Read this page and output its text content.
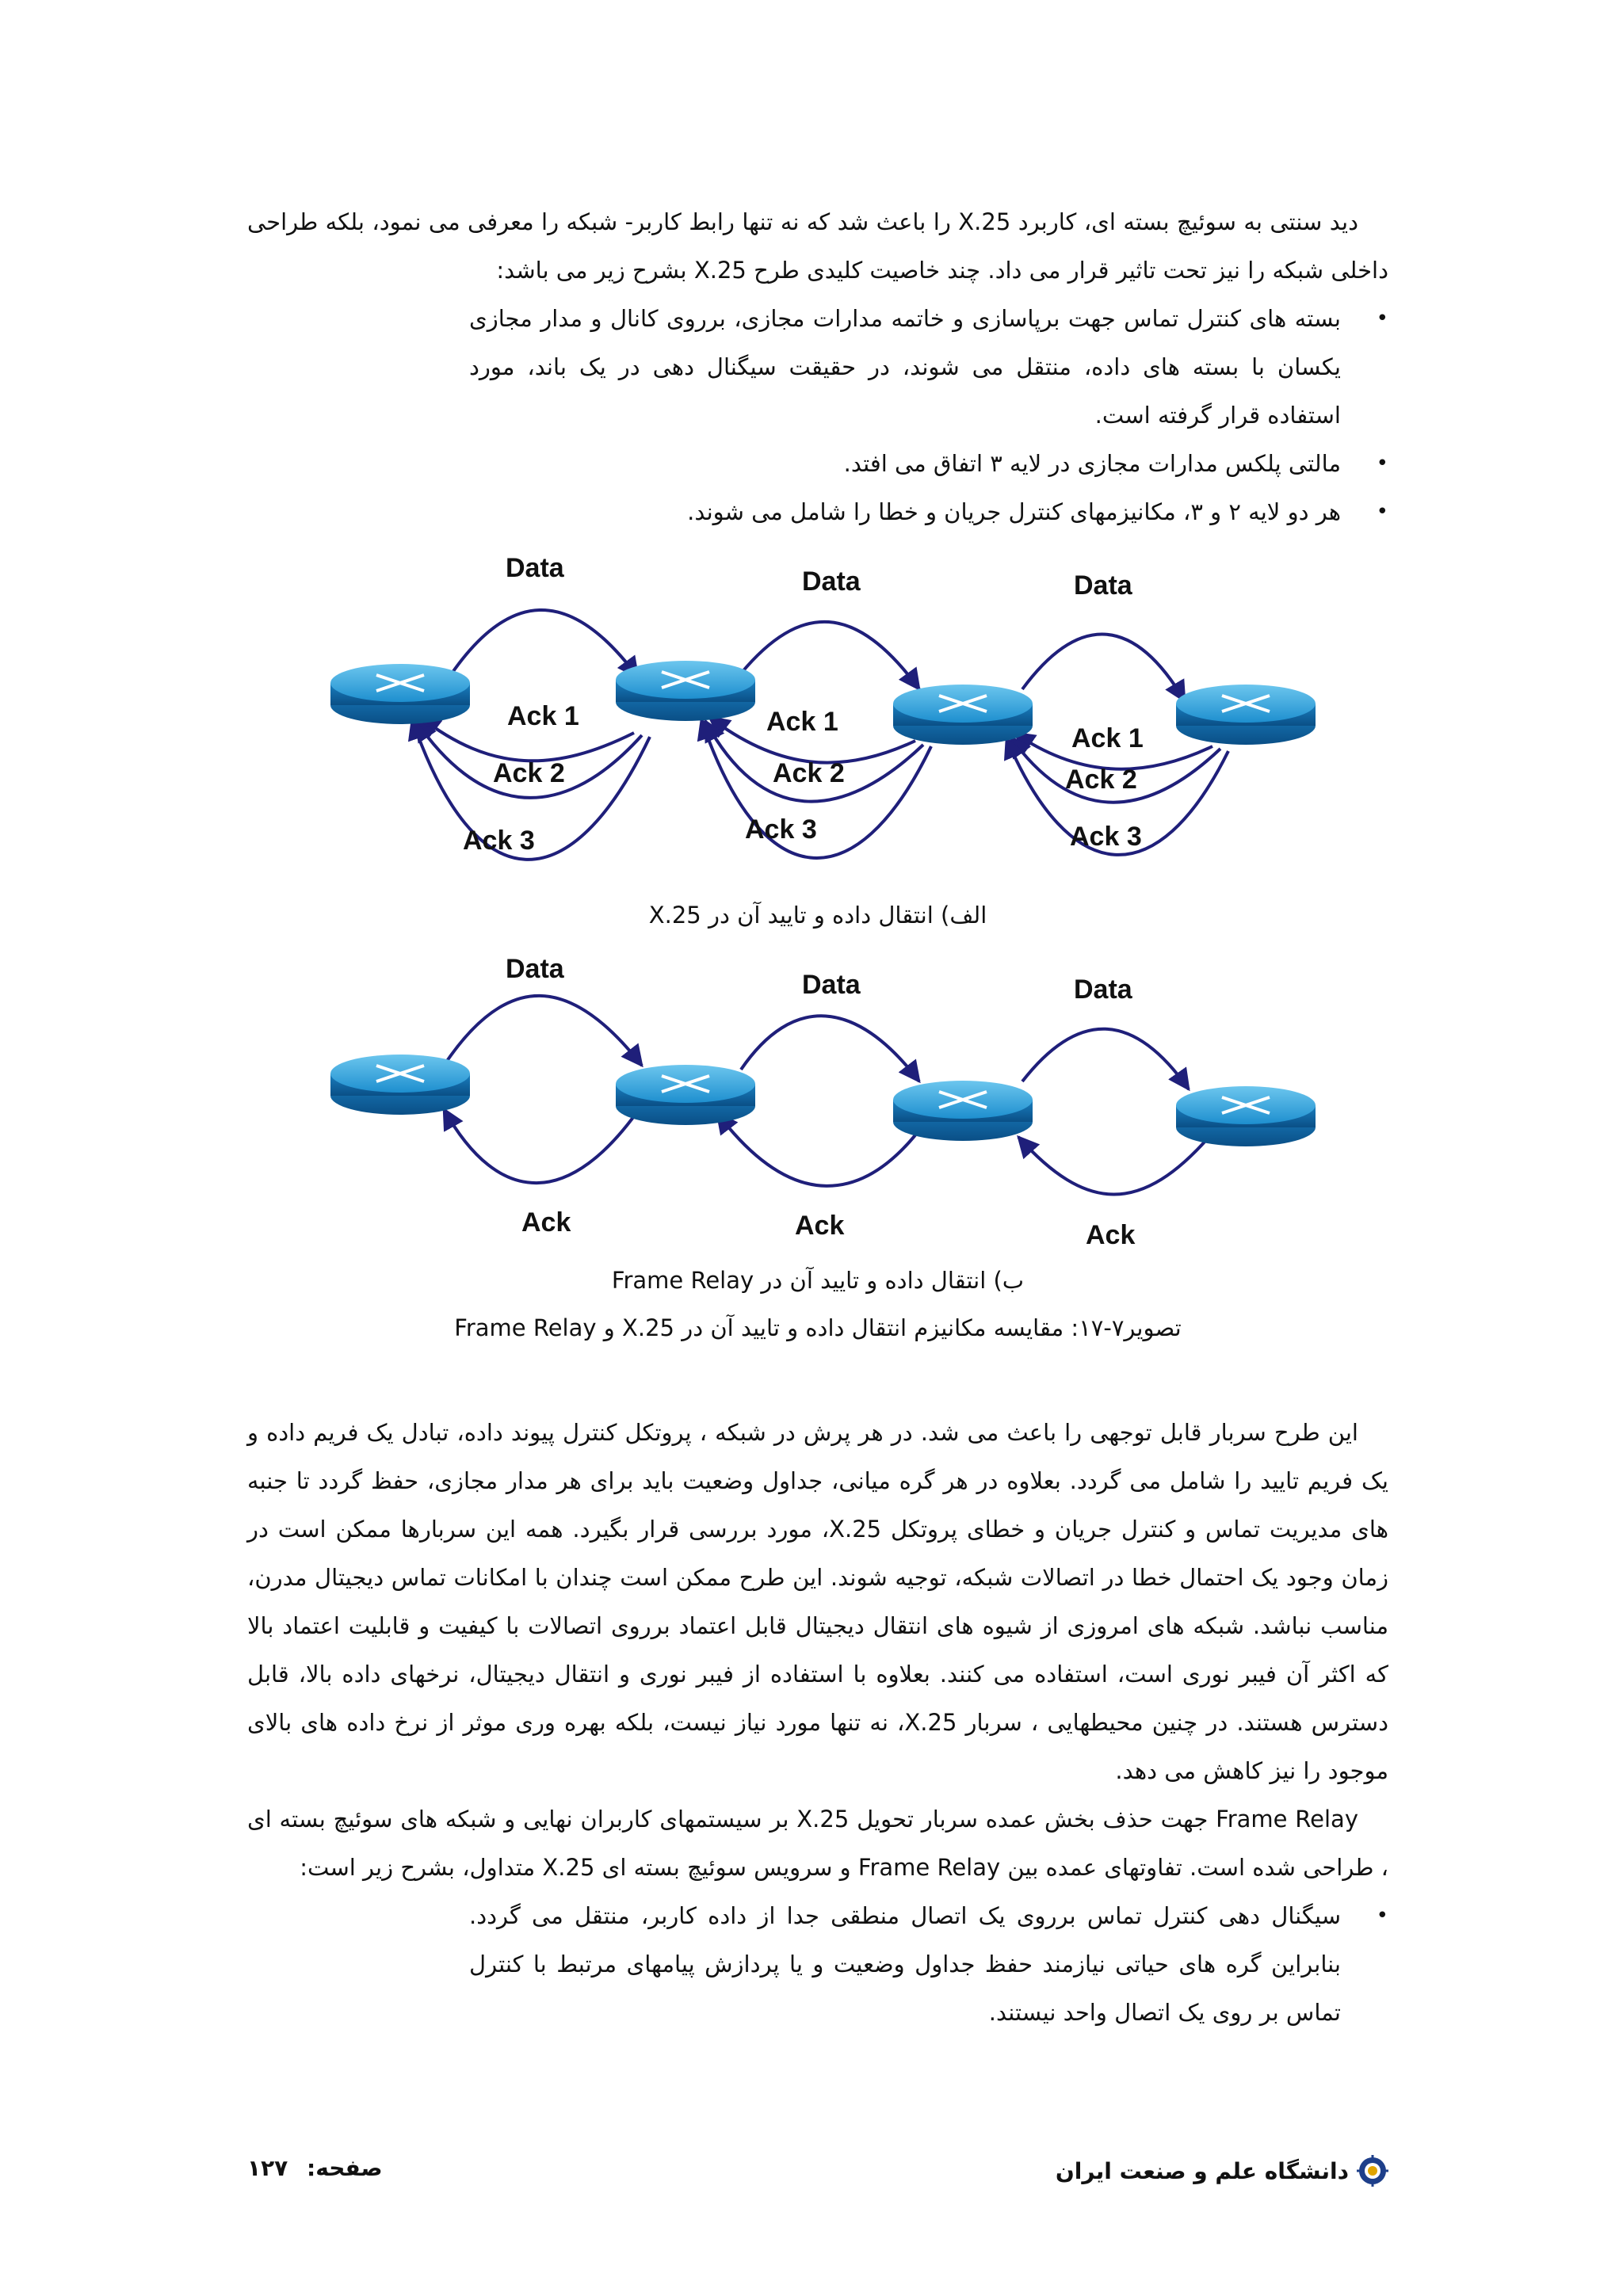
دید سنتی به سوئیچ بسته ای، کاربرد X.25 را باعث شد که نه تنها رابط کاربر- شبکه را معرفی می نمود، بلکه طراحی داخلی شبکه را نیز تحت تاثیر قرار می داد. چند خاصیت کلیدی طرح X.25 بشرح زیر می باشد:

• بسته های کنترل تماس جهت برپاسازی و خاتمه مدارات مجازی، برروی کانال و مدار مجازی یکسان با بسته های داده، منتقل می شوند، در حقیقت سیگنال دهی در یک باند، مورد استفاده قرار گرفته است.
• مالتی پلکس مدارات مجازی در لایه ۳ اتفاق می افتد.
• هر دو لایه ۲ و ۳، مکانیزمهای کنترل جریان و خطا را شامل می شوند.
Data	Data	Data
Ack 1
Ack 2
Ack 3
Ack 1
Ack 2
Ack 3
Ack 1
Ack 2
Ack 3
الف) انتقال داده و تایید آن در X.25
Data
Data	Data
Ack	Ack	Ack
ب) انتقال داده و تایید آن در Frame Relay
تصویر۷-۱۷: مقایسه مکانیزم انتقال داده و تایید آن در X.25 و Frame Relay

این طرح سربار قابل توجهی را باعث می شد. در هر پرش در شبکه ، پروتکل کنترل پیوند داده، تبادل یک فریم داده و یک فریم تایید را شامل می گردد. بعلاوه در هر گره میانی، جداول وضعیت باید برای هر مدار مجازی، حفظ گردد تا جنبه های مدیریت تماس و کنترل جریان و خطای پروتکل X.25، مورد بررسی قرار بگیرد. همه این سربارها ممکن است در زمان وجود یک احتمال خطا در اتصالات شبکه، توجیه شوند. این طرح ممکن است چندان با امکانات تماس دیجیتال مدرن، مناسب نباشد. شبکه های امروزی از شیوه های انتقال دیجیتال قابل اعتماد برروی اتصالات با کیفیت و قابلیت اعتماد بالا که اکثر آن فیبر نوری است، استفاده می کنند. بعلاوه با استفاده از فیبر نوری و انتقال دیجیتال، نرخهای داده بالا، قابل دسترس هستند. در چنین محیطهایی ، سربار X.25، نه تنها مورد نیاز نیست، بلکه بهره وری موثر از نرخ داده های بالای موجود را نیز کاهش می دهد.

Frame Relay جهت حذف بخش عمده سربار تحویل X.25 بر سیستمهای کاربران نهایی و شبکه های سوئیچ بسته ای ، طراحی شده است. تفاوتهای عمده بین Frame Relay و سرویس سوئیچ بسته ای X.25 متداول، بشرح زیر است:

• سیگنال دهی کنترل تماس برروی یک اتصال منطقی جدا از داده کاربر، منتقل می گردد. بنابراین گره های حیاتی نیازمند حفظ جداول وضعیت و یا پردازش پیامهای مرتبط با کنترل تماس بر روی یک اتصال واحد نیستند.
دانشگاه علم و صنعت ایران
صفحه: ۱۲۷
